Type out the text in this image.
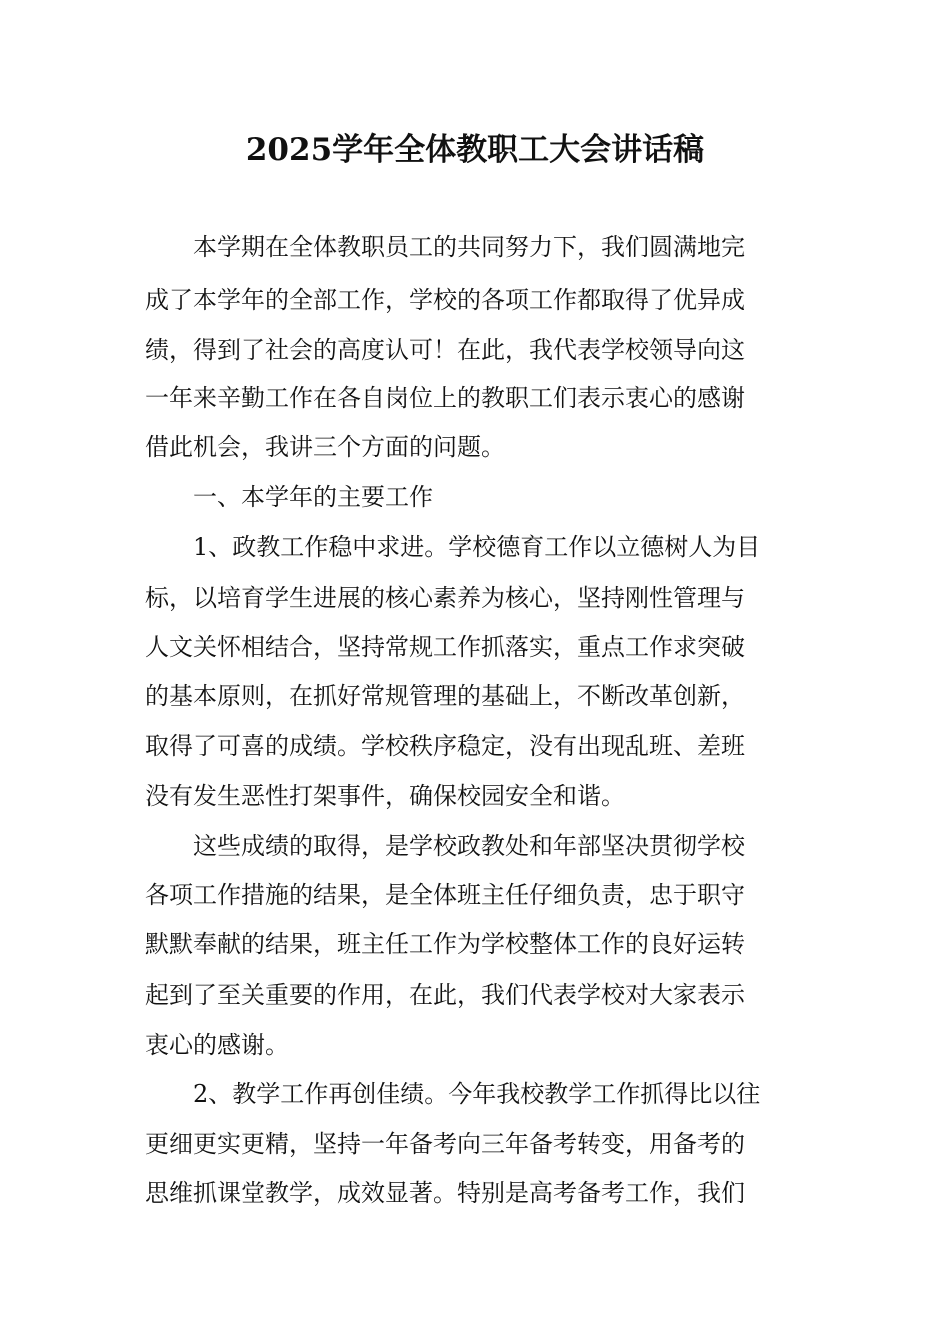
2025学年全体教职工大会讲话稿
　　本学期在全体教职员工的共同努力下，我们圆满地完
成了本学年的全部工作，学校的各项工作都取得了优异成
绩，得到了社会的高度认可！在此，我代表学校领导向这
一年来辛勤工作在各自岗位上的教职工们表示衷心的感谢
借此机会，我讲三个方面的问题。
　　一、本学年的主要工作
　　1、政教工作稳中求进。学校德育工作以立德树人为目
标，以培育学生进展的核心素养为核心，坚持刚性管理与
人文关怀相结合，坚持常规工作抓落实，重点工作求突破
的基本原则，在抓好常规管理的基础上，不断改革创新，
取得了可喜的成绩。学校秩序稳定，没有出现乱班、差班
没有发生恶性打架事件，确保校园安全和谐。
　　这些成绩的取得，是学校政教处和年部坚决贯彻学校
各项工作措施的结果，是全体班主任仔细负责，忠于职守
默默奉献的结果，班主任工作为学校整体工作的良好运转
起到了至关重要的作用，在此，我们代表学校对大家表示
衷心的感谢。
　　2、教学工作再创佳绩。今年我校教学工作抓得比以往
更细更实更精，坚持一年备考向三年备考转变，用备考的
思维抓课堂教学，成效显著。特别是高考备考工作，我们
